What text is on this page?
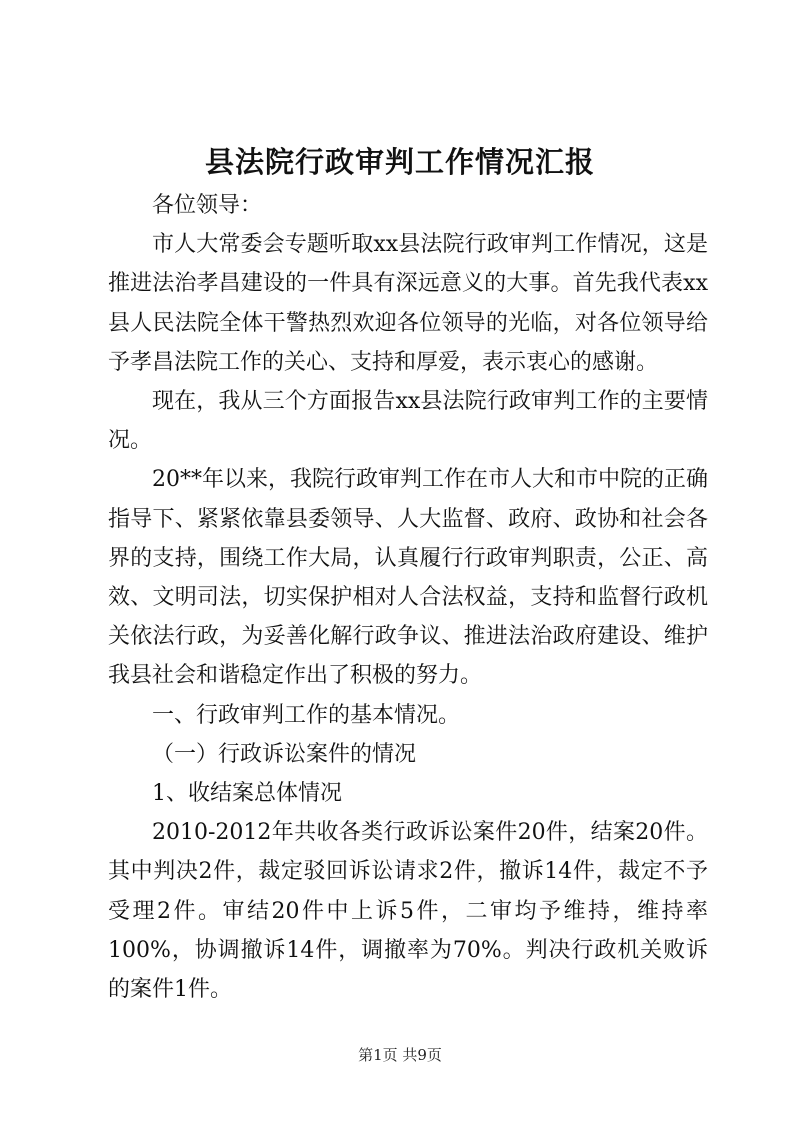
县法院行政审判工作情况汇报

各位领导：

市人大常委会专题听取xx县法院行政审判工作情况，这是推进法治孝昌建设的一件具有深远意义的大事。首先我代表xx县人民法院全体干警热烈欢迎各位领导的光临，对各位领导给予孝昌法院工作的关心、支持和厚爱，表示衷心的感谢。

现在，我从三个方面报告xx县法院行政审判工作的主要情况。

20**年以来，我院行政审判工作在市人大和市中院的正确指导下、紧紧依靠县委领导、人大监督、政府、政协和社会各界的支持，围绕工作大局，认真履行行政审判职责，公正、高效、文明司法，切实保护相对人合法权益，支持和监督行政机关依法行政，为妥善化解行政争议、推进法治政府建设、维护我县社会和谐稳定作出了积极的努力。

一、行政审判工作的基本情况。

（一）行政诉讼案件的情况

1、收结案总体情况

2010-2012年共收各类行政诉讼案件20件，结案20件。其中判决2件，裁定驳回诉讼请求2件，撤诉14件，裁定不予受理2件。审结20件中上诉5件，二审均予维持，维持率100%，协调撤诉14件，调撤率为70%。判决行政机关败诉的案件1件。

第1页 共9页
